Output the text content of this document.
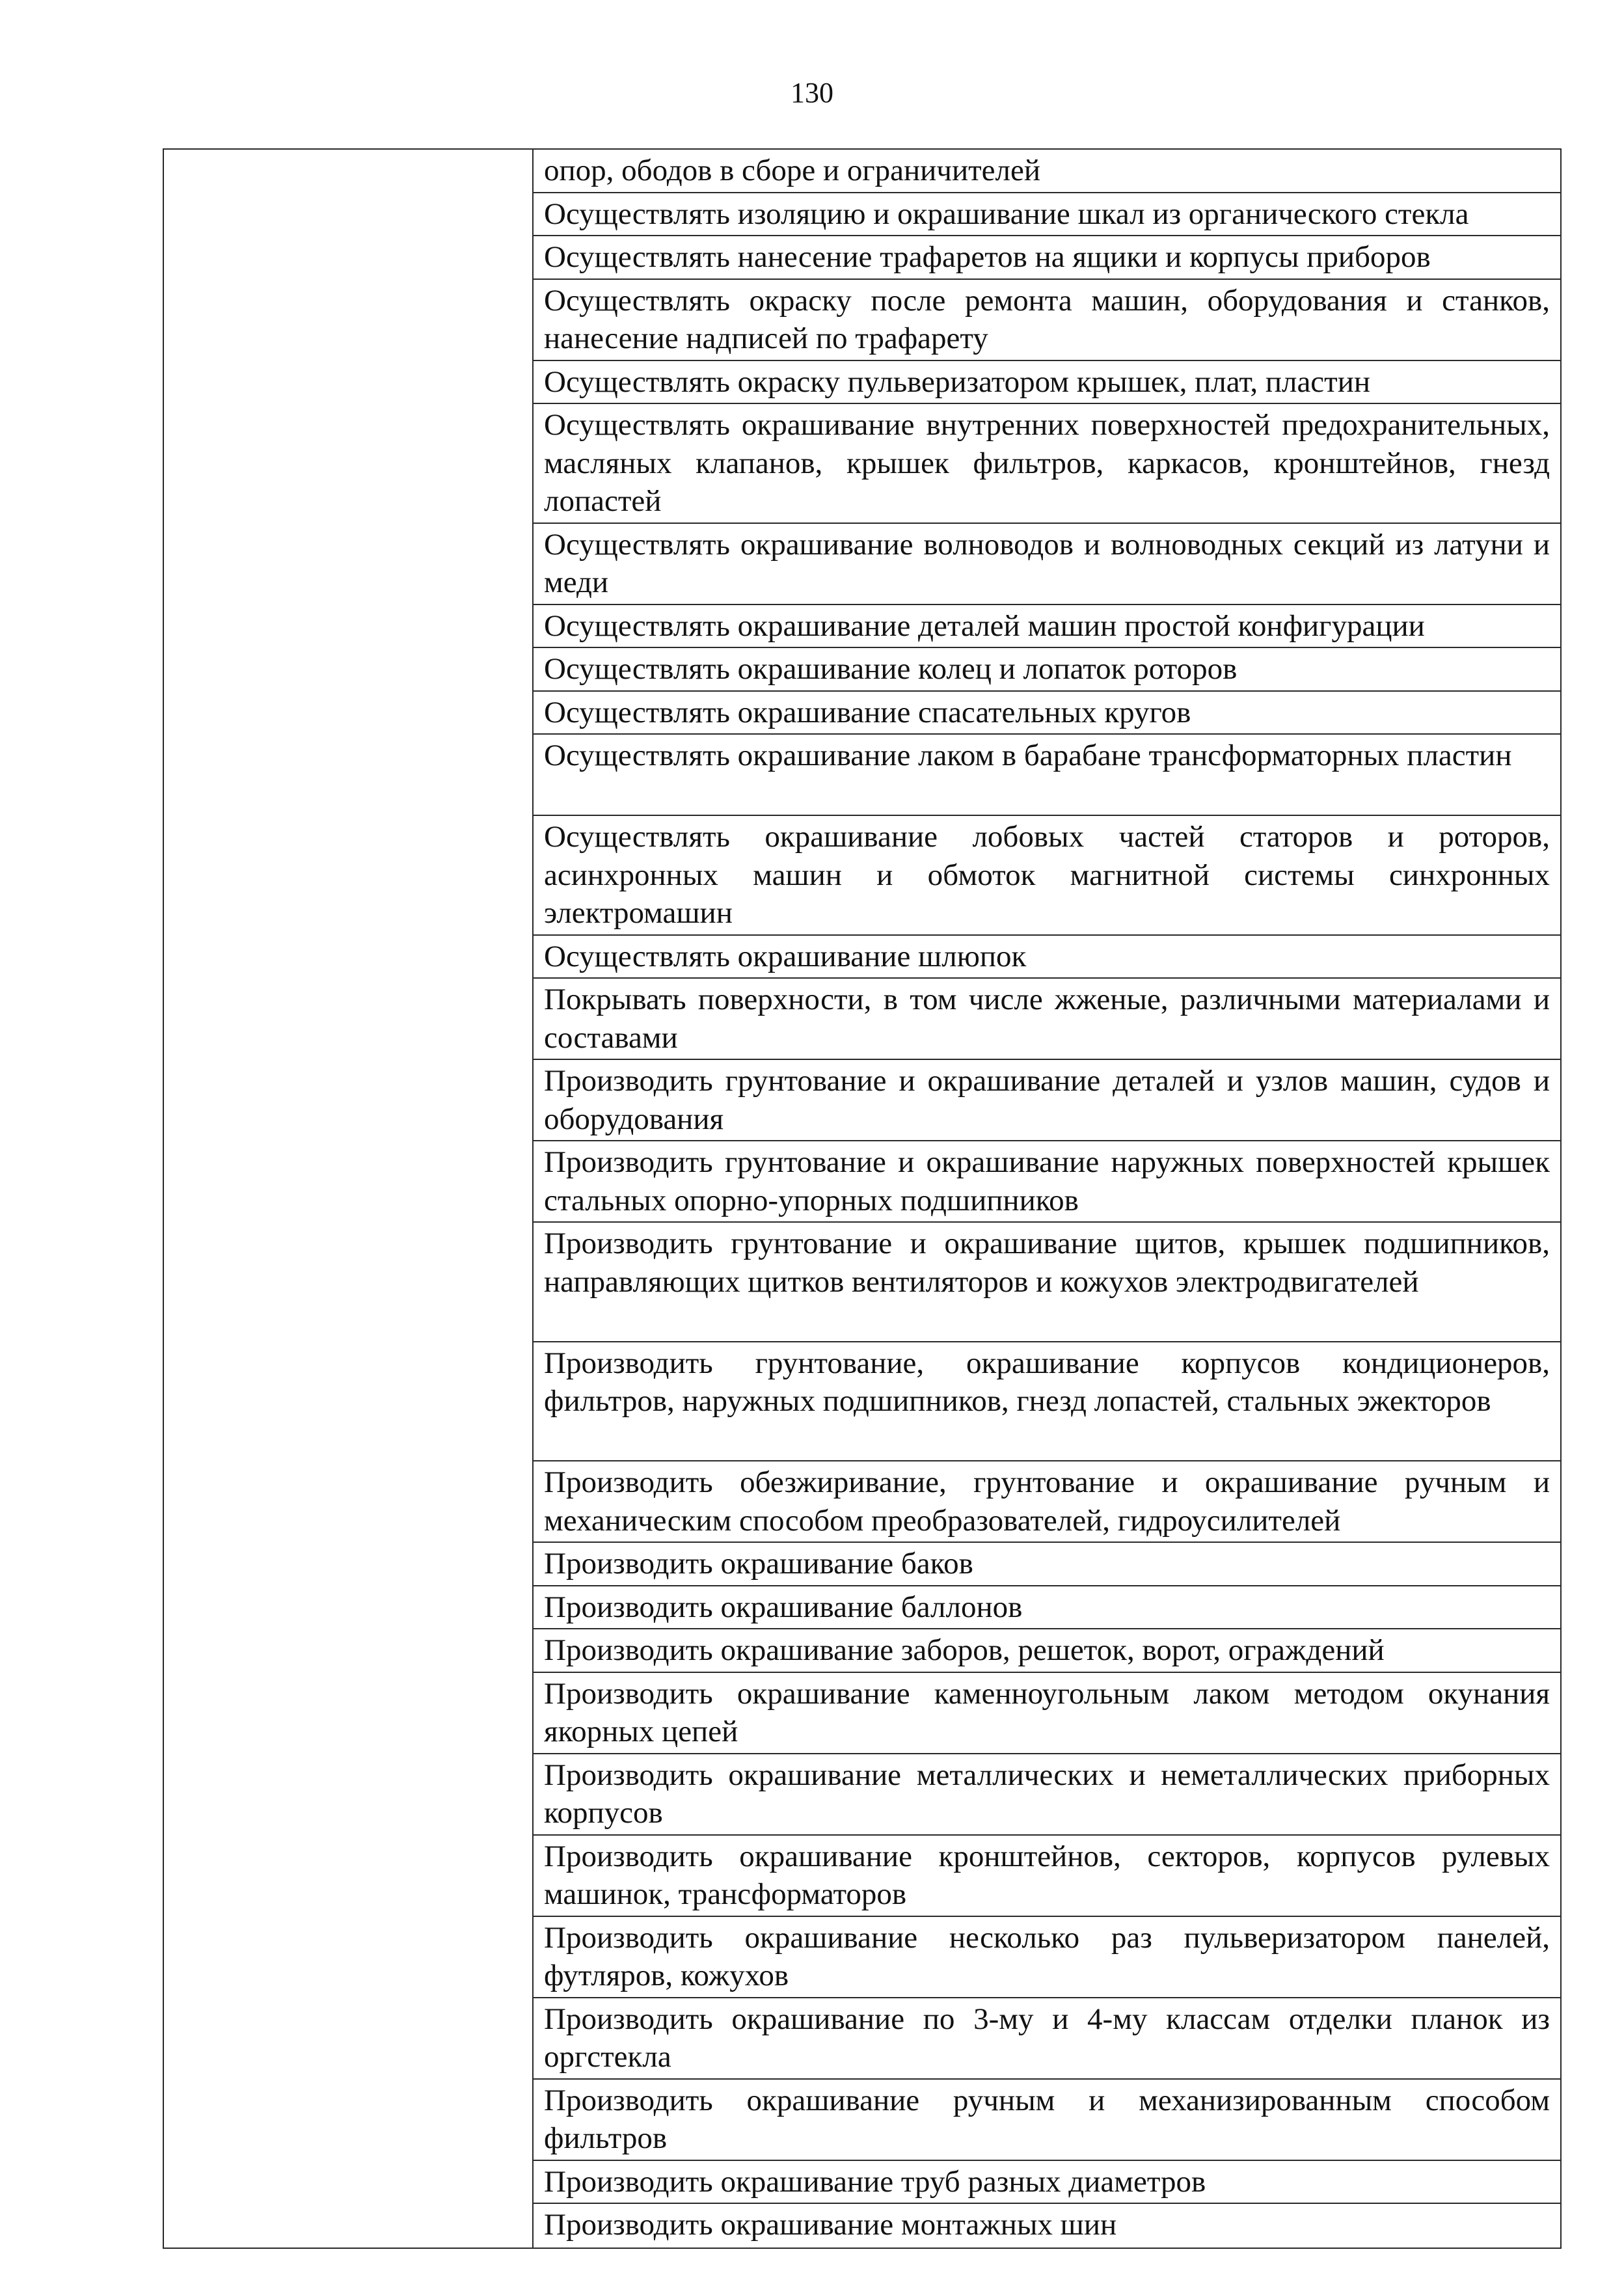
130

опор, ободов в сборе и ограничителей
Осуществлять изоляцию и окрашивание шкал из органического стекла
Осуществлять нанесение трафаретов на ящики и корпусы приборов
Осуществлять окраску после ремонта машин, оборудования и станков, нанесение надписей по трафарету
Осуществлять окраску пульверизатором крышек, плат, пластин
Осуществлять окрашивание внутренних поверхностей предохранительных, масляных клапанов, крышек фильтров, каркасов, кронштейнов, гнезд лопастей
Осуществлять окрашивание волноводов и волноводных секций из латуни и меди
Осуществлять окрашивание деталей машин простой конфигурации
Осуществлять окрашивание колец и лопаток роторов
Осуществлять окрашивание спасательных кругов
Осуществлять окрашивание лаком в барабане трансформаторных пластин
Осуществлять окрашивание лобовых частей статоров и роторов, асинхронных машин и обмоток магнитной системы синхронных электромашин
Осуществлять окрашивание шлюпок
Покрывать поверхности, в том числе жженые, различными материалами и составами
Производить грунтование и окрашивание деталей и узлов машин, судов и оборудования
Производить грунтование и окрашивание наружных поверхностей крышек стальных опорно-упорных подшипников
Производить грунтование и окрашивание щитов, крышек подшипников, направляющих щитков вентиляторов и кожухов электродвигателей
Производить грунтование, окрашивание корпусов кондиционеров, фильтров, наружных подшипников, гнезд лопастей, стальных эжекторов
Производить обезжиривание, грунтование и окрашивание ручным и механическим способом преобразователей, гидроусилителей
Производить окрашивание баков
Производить окрашивание баллонов
Производить окрашивание заборов, решеток, ворот, ограждений
Производить окрашивание каменноугольным лаком методом окунания якорных цепей
Производить окрашивание металлических и неметаллических приборных корпусов
Производить окрашивание кронштейнов, секторов, корпусов рулевых машинок, трансформаторов
Производить окрашивание несколько раз пульверизатором панелей, футляров, кожухов
Производить окрашивание по 3-му и 4-му классам отделки планок из оргстекла
Производить окрашивание ручным и механизированным способом фильтров
Производить окрашивание труб разных диаметров
Производить окрашивание монтажных шин
